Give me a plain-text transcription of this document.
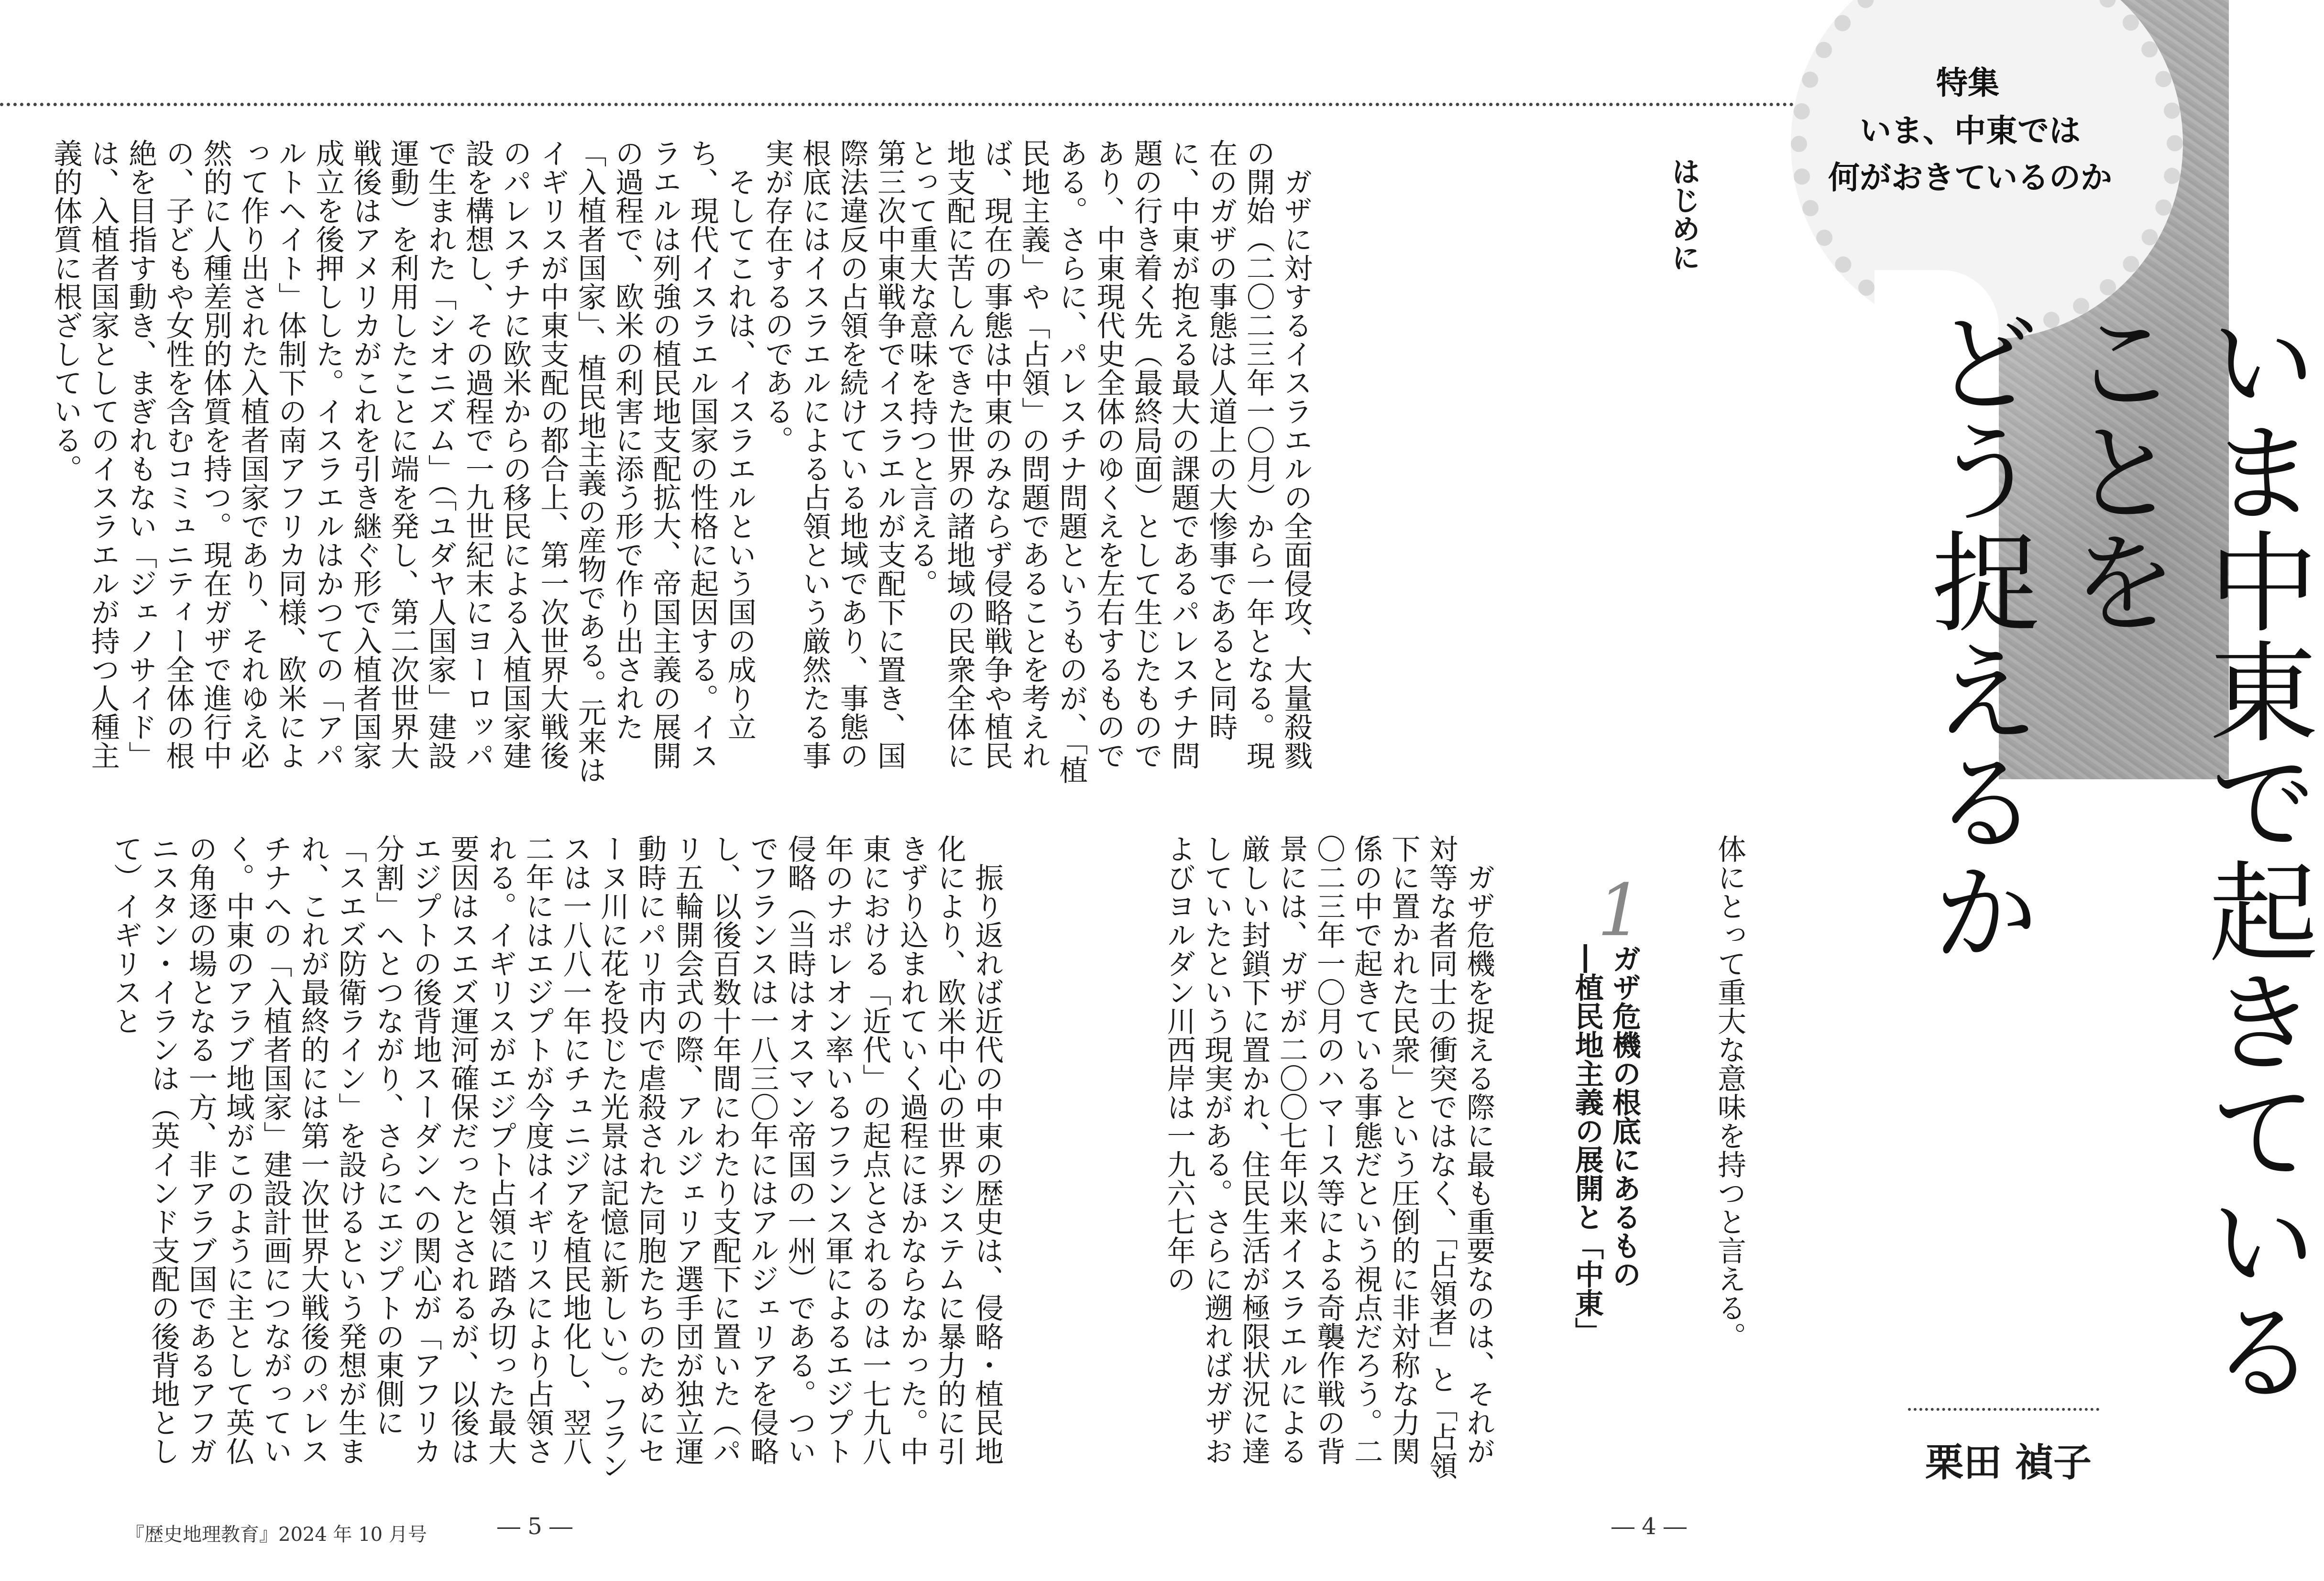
特集
いま、中東では
何がおきているのか
いま中東で起きていることを
どう捉えるか
栗田 禎子
はじめに

ガザに対するイスラエルの全面侵攻、大量殺戮の開始（二〇二三年一〇月）から一年となる。現在のガザの事態は人道上の大惨事であると同時に、中東が抱える最大の課題であるパレスチナ問題の行き着く先（最終局面）として生じたものであり、中東現代史全体のゆくえを左右するものである。さらに、パレスチナ問題というものが、「植民地主義」や「占領」の問題であることを考えれば、現在の事態は中東のみならず侵略戦争や植民地支配に苦しんできた世界の諸地域の民衆全体にとって重大な意味を持つと言える。

1
ガザ危機の根底にあるもの
―植民地主義の展開と「中東」	体にとって重大な意味を持つと言える。

ガザ危機を捉える際に最も重要なのは、それが対等な者同士の衝突ではなく、「占領者」と「占領下に置かれた民衆」という圧倒的に非対称な力関係の中で起きている事態だという視点だろう。二〇二三年一〇月のハマース等による奇襲作戦の背景には、ガザが二〇〇七年以来イスラエルによる厳しい封鎖下に置かれ、住民生活が極限状況に達していたという現実がある。さらに遡ればガザおよびヨルダン川西岸は一九六七年の

第三次中東戦争でイスラエルが支配下に置き、国際法違反の占領を続けている地域であり、事態の根底にはイスラエルによる占領という厳然たる事実が存在するのである。

そしてこれは、イスラエルという国の成り立ち、現代イスラエル国家の性格に起因する。イスラエルは列強の植民地支配拡大、帝国主義の展開の過程で、欧米の利害に添う形で作り出された「入植者国家」、植民地主義の産物である。元来はイギリスが中東支配の都合上、第一次世界大戦後のパレスチナに欧米からの移民による入植国家建設を構想し、その過程で一九世紀末にヨーロッパで生まれた「シオニズム」（「ユダヤ人国家」建設運動）を利用したことに端を発し、第二次世界大戦後はアメリカがこれを引き継ぐ形で入植者国家成立を後押しした。イスラエルはかつての「アパルトヘイト」体制下の南アフリカ同様、欧米によって作り出された入植者国家であり、それゆえ必然的に人種差別的体質を持つ。現在ガザで進行中の、子どもや女性を含むコミュニティー全体の根絶を目指す動き、まぎれもない「ジェノサイド」は、入植者国家としてのイスラエルが持つ人種主義的体質に根ざしている。

振り返れば近代の中東の歴史は、侵略・植民地化により、欧米中心の世界システムに暴力的に引きずり込まれていく過程にほかならなかった。中東における「近代」の起点とされるのは一七九八年のナポレオン率いるフランス軍によるエジプト侵略（当時はオスマン帝国の一州）である。ついでフランスは一八三〇年にはアルジェリアを侵略し、以後百数十年間にわたり支配下に置いた（パリ五輪開会式の際、アルジェリア選手団が独立運動時にパリ市内で虐殺された同胞たちのためにセーヌ川に花を投じた光景は記憶に新しい）。フランスは一八八一年にチュニジアを植民地化し、翌八二年にはエジプトが今度はイギリスにより占領される。イギリスがエジプト占領に踏み切った最大要因はスエズ運河確保だったとされるが、以後はエジプトの後背地スーダンへの関心が「アフリカ分割」へとつながり、さらにエジプトの東側に「スエズ防衛ライン」を設けるという発想が生まれ、これが最終的には第一次世界大戦後のパレスチナへの「入植者国家」建設計画につながっていく。中東のアラブ地域がこのように主として英仏の角逐の場となる一方、非アラブ国であるアフガニスタン・イランは（英インド支配の後背地として）イギリスと

『歴史地理教育』2024 年 10 月号	― 5 ―	― 4 ―
